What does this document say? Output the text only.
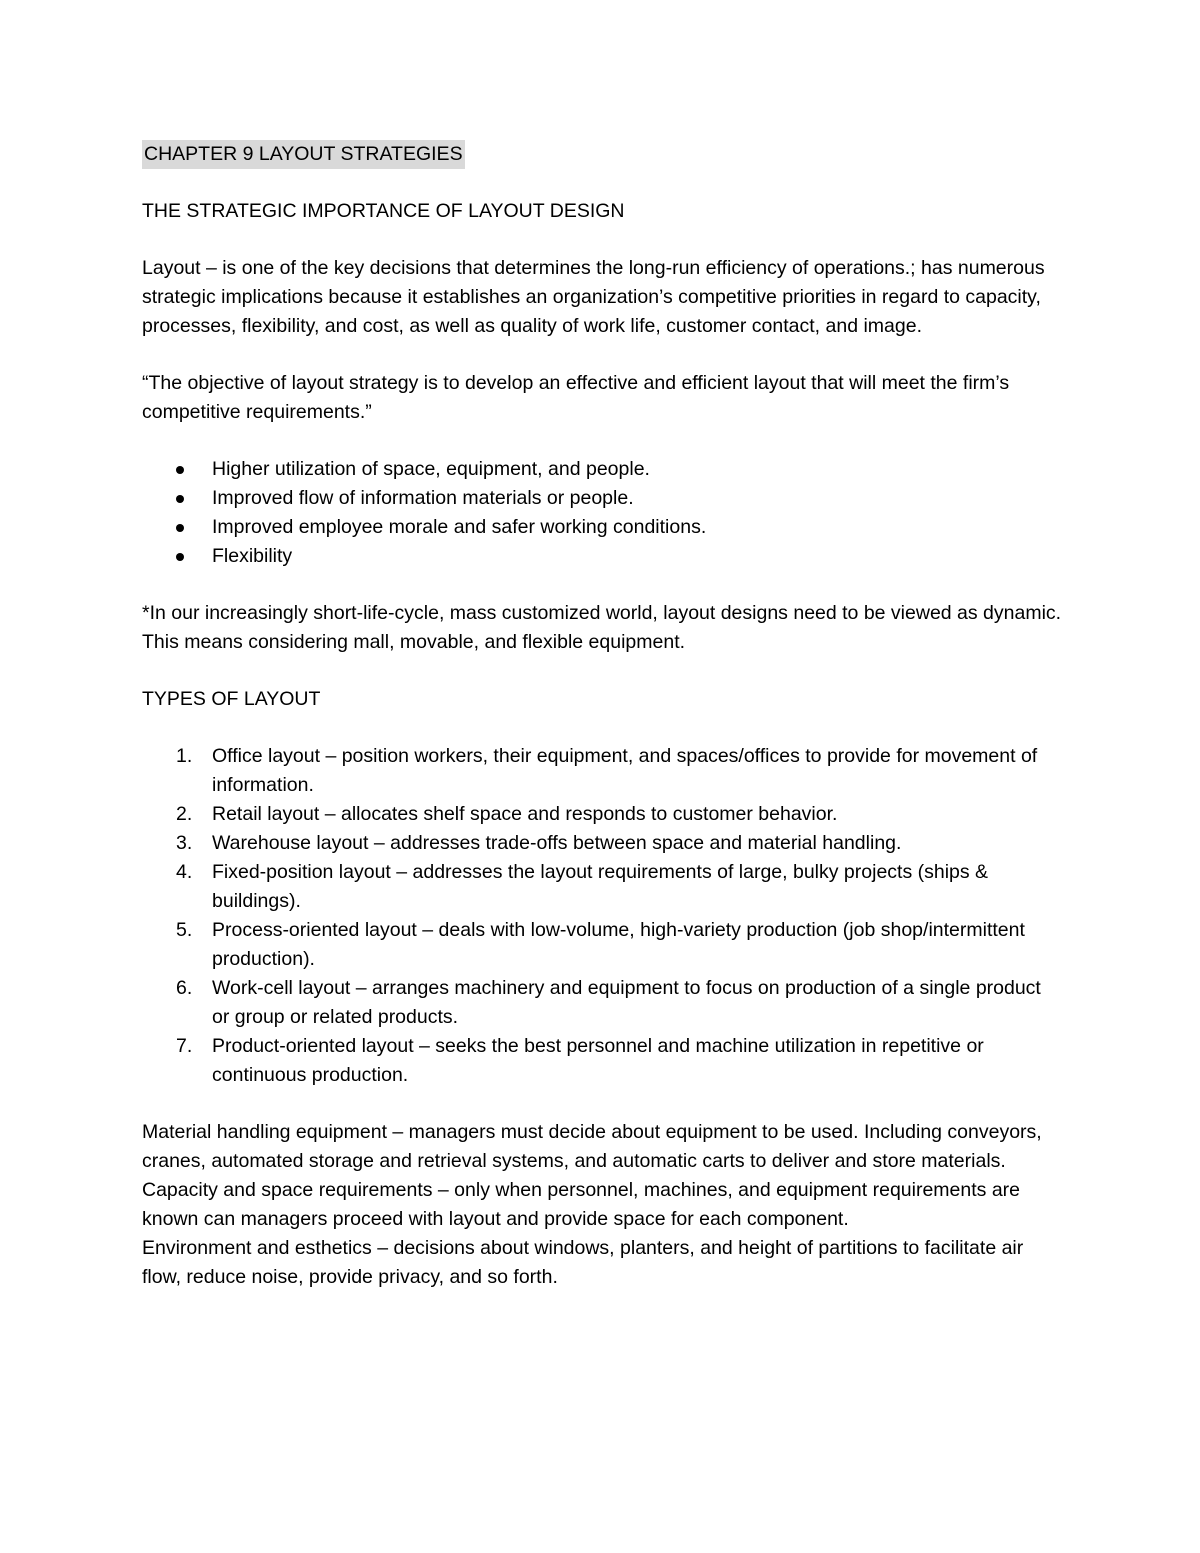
CHAPTER 9 LAYOUT STRATEGIES
THE STRATEGIC IMPORTANCE OF LAYOUT DESIGN

Layout – is one of the key decisions that determines the long-run efficiency of operations.; has numerous strategic implications because it establishes an organization’s competitive priorities in regard to capacity, processes, flexibility, and cost, as well as quality of work life, customer contact, and image.

“The objective of layout strategy is to develop an effective and efficient layout that will meet the firm’s competitive requirements.”

Higher utilization of space, equipment, and people.
Improved flow of information materials or people.
Improved employee morale and safer working conditions.
Flexibility

*In our increasingly short-life-cycle, mass customized world, layout designs need to be viewed as dynamic. This means considering mall, movable, and flexible equipment.

TYPES OF LAYOUT
1. Office layout – position workers, their equipment, and spaces/offices to provide for movement of information.
2. Retail layout – allocates shelf space and responds to customer behavior.
3. Warehouse layout – addresses trade-offs between space and material handling.
4. Fixed-position layout – addresses the layout requirements of large, bulky projects (ships & buildings).
5. Process-oriented layout – deals with low-volume, high-variety production (job shop/intermittent production).
6. Work-cell layout – arranges machinery and equipment to focus on production of a single product or group or related products.
7. Product-oriented layout – seeks the best personnel and machine utilization in repetitive or continuous production.

Material handling equipment – managers must decide about equipment to be used. Including conveyors, cranes, automated storage and retrieval systems, and automatic carts to deliver and store materials.

Capacity and space requirements – only when personnel, machines, and equipment requirements are known can managers proceed with layout and provide space for each component.

Environment and esthetics – decisions about windows, planters, and height of partitions to facilitate air flow, reduce noise, provide privacy, and so forth.
